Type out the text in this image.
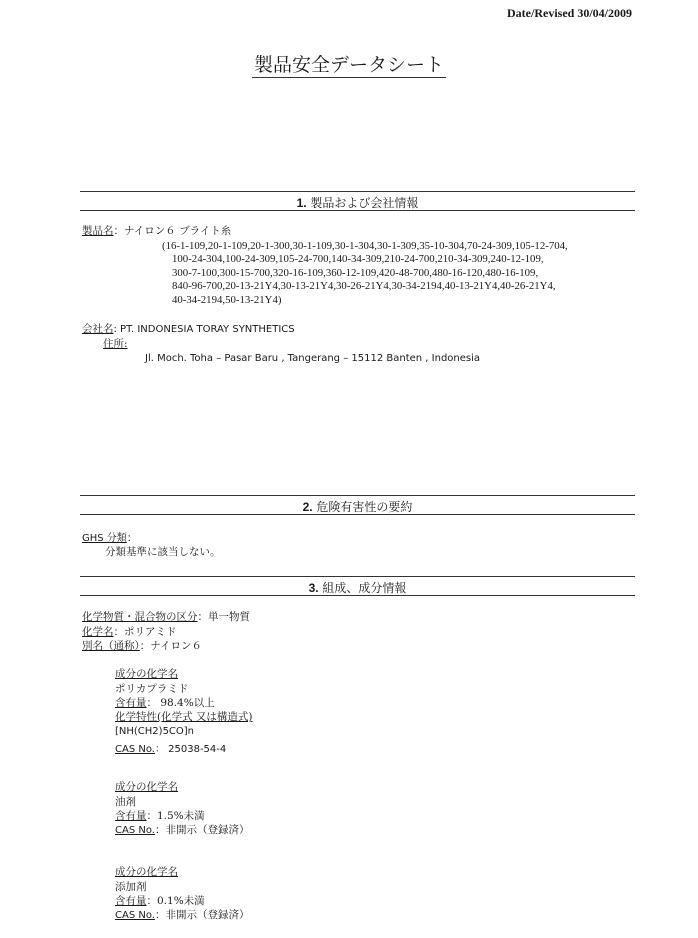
Date/Revised 30/04/2009
製品安全データシート
1. 製品および会社情報
製品名：ナイロン６ ブライト糸
(16-1-109,20-1-109,20-1-300,30-1-109,30-1-304,30-1-309,35-10-304,70-24-309,105-12-704,
100-24-304,100-24-309,105-24-700,140-34-309,210-24-700,210-34-309,240-12-109,
300-7-100,300-15-700,320-16-109,360-12-109,420-48-700,480-16-120,480-16-109,
840-96-700,20-13-21Y4,30-13-21Y4,30-26-21Y4,30-34-2194,40-13-21Y4,40-26-21Y4,
40-34-2194,50-13-21Y4)
会社名: PT. INDONESIA TORAY SYNTHETICS
住所:
Jl. Moch. Toha – Pasar Baru , Tangerang – 15112 Banten , Indonesia
2. 危険有害性の要約
GHS 分類：
分類基準に該当しない。
3. 組成、成分情報
化学物質・混合物の区分：単一物質
化学名：ポリアミド
別名（通称）：ナイロン６
成分の化学名
ポリカプラミド
含有量： 98.4%以上
化学特性(化学式 又は構造式)
[NH(CH2)5CO]n
CAS No.： 25038-54-4
成分の化学名
油剤
含有量：1.5%未満
CAS No.：非開示（登録済）
成分の化学名
添加剤
含有量：0.1%未満
CAS No.：非開示（登録済）
